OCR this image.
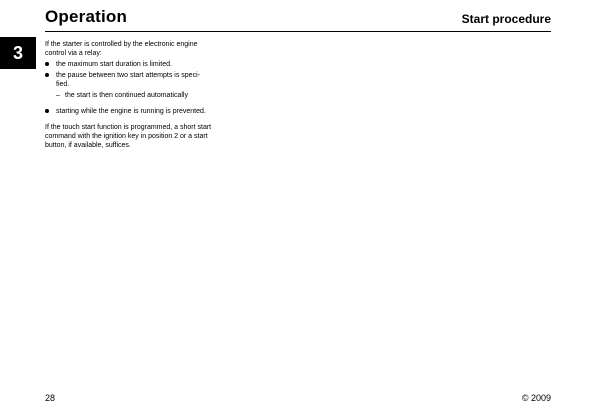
3
Operation	Start procedure

If the starter is controlled by the electronic engine control via a relay:

the maximum start duration is limited.
the pause between two start attempts is speci- fied.
– the start is then continued automatically
starting while the engine is running is prevented.

If the touch start function is programmed, a short start command with the ignition key in position 2 or a start button, if available, suffices.

28	© 2009
